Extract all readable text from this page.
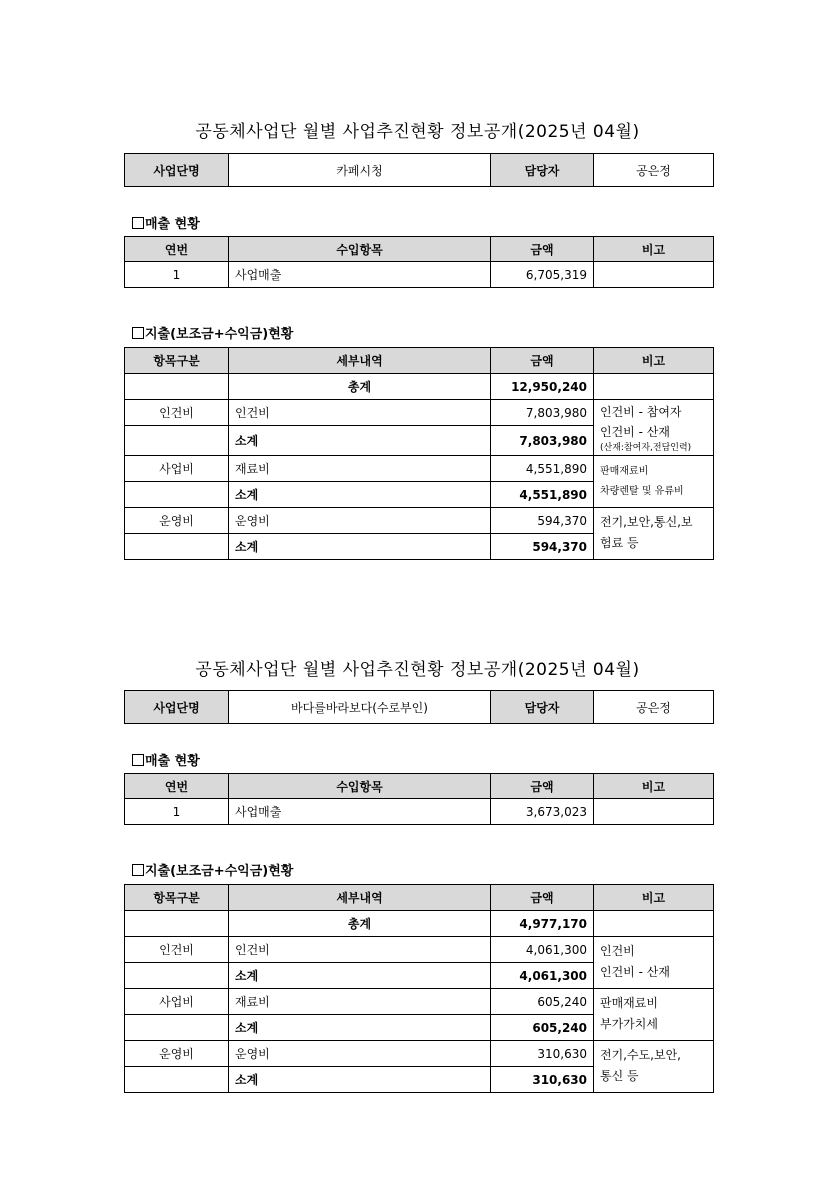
공동체사업단 월별 사업추진현황 정보공개(2025년 04월)
사업단명	카페시청	담당자	공은정
매출 현황
연번	수입항목	금액	비고
1	사업매출	6,705,319	
지출(보조금+수익금)현황
항목구분	세부내역	금액	비고
	총계	12,950,240	
인건비	인건비	7,803,980	인건비 - 참여자
인건비 - 산재
(산재:참여자,전담인력)

	소계	7,803,980	
사업비	재료비	4,551,890	판매재료비
차량렌탈 및 유류비

	소계	4,551,890	
운영비	운영비	594,370	전기,보안,통신,보
험료 등

	소계	594,370	
공동체사업단 월별 사업추진현황 정보공개(2025년 04월)
사업단명	바다를바라보다(수로부인)	담당자	공은정
매출 현황
연번	수입항목	금액	비고
1	사업매출	3,673,023	
지출(보조금+수익금)현황
항목구분	세부내역	금액	비고
	총계	4,977,170	
인건비	인건비	4,061,300	인건비
인건비 - 산재

	소계	4,061,300	
사업비	재료비	605,240	판매재료비
부가가치세

	소계	605,240	
운영비	운영비	310,630	전기,수도,보안,
통신 등

	소계	310,630	
